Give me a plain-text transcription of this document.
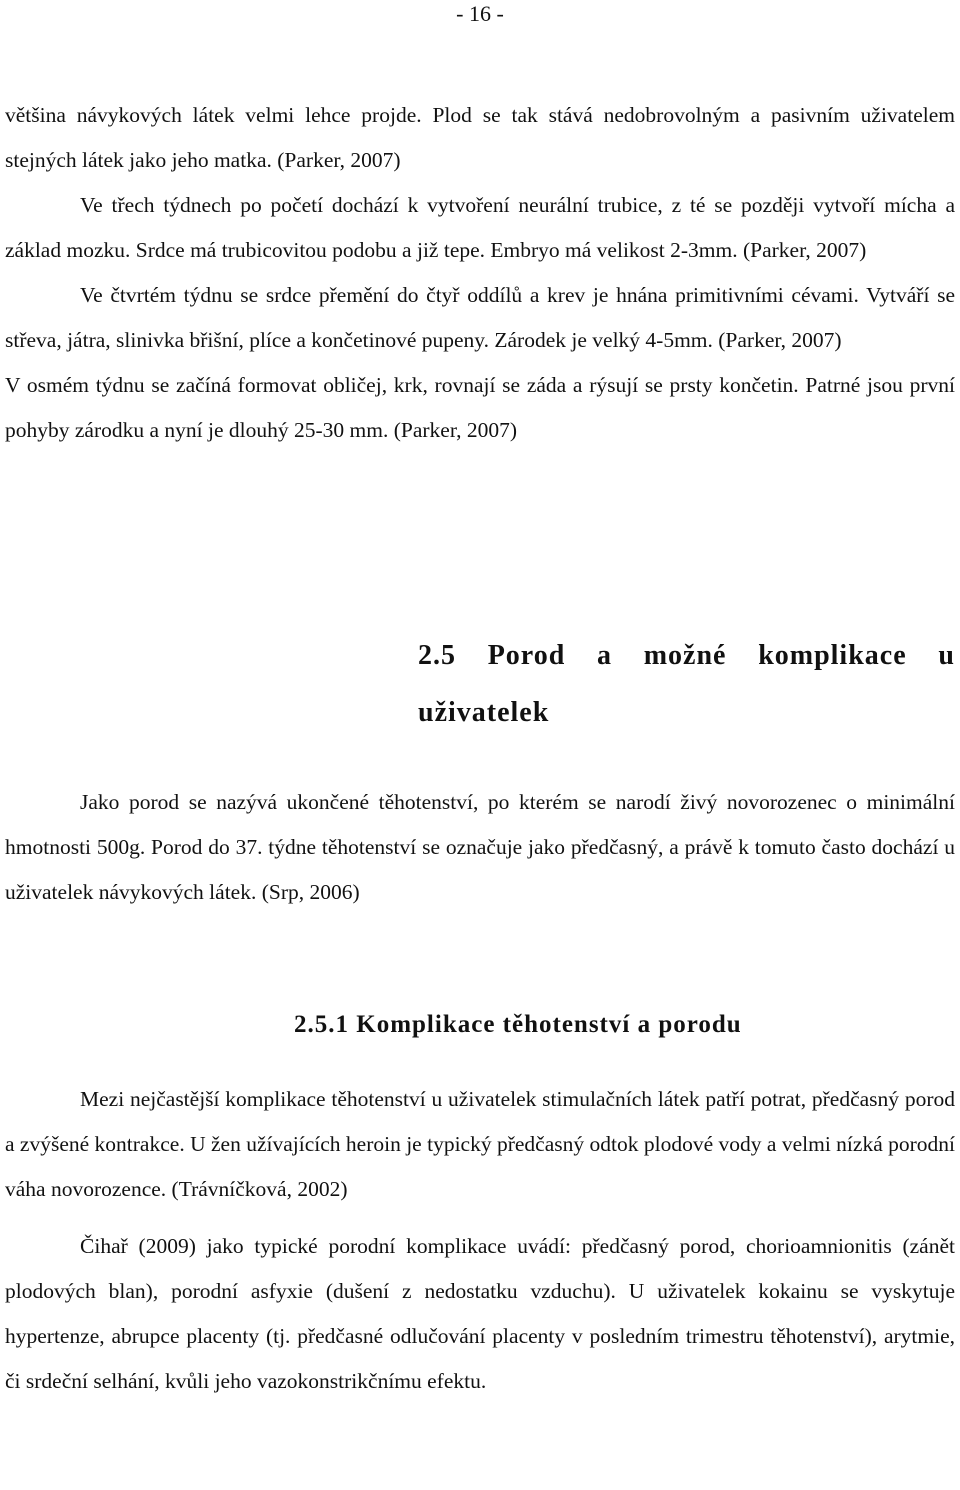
- 16 -

většina návykových látek velmi lehce projde. Plod se tak stává nedobrovolným a pasivním uživatelem stejných látek jako jeho matka. (Parker, 2007)

Ve třech týdnech po početí dochází k vytvoření neurální trubice, z té se později vytvoří mícha a základ mozku. Srdce má trubicovitou podobu a již tepe. Embryo má velikost 2-3mm. (Parker, 2007)

Ve čtvrtém týdnu se srdce přemění do čtyř oddílů a krev je hnána primitivními cévami. Vytváří se střeva, játra, slinivka břišní, plíce a končetinové pupeny. Zárodek je velký 4-5mm. (Parker, 2007)

V osmém týdnu se začíná formovat obličej, krk, rovnají se záda a rýsují se prsty končetin. Patrné jsou první pohyby zárodku a nyní je dlouhý 25-30 mm. (Parker, 2007)

2.5 Porod a možné komplikace u
uživatelek

Jako porod se nazývá ukončené těhotenství, po kterém se narodí živý novorozenec o minimální hmotnosti 500g. Porod do 37. týdne těhotenství se označuje jako předčasný, a právě k tomuto často dochází u uživatelek návykových látek. (Srp, 2006)

2.5.1 Komplikace těhotenství a porodu

Mezi nejčastější komplikace těhotenství u uživatelek stimulačních látek patří potrat, předčasný porod a zvýšené kontrakce. U žen užívajících heroin je typický předčasný odtok plodové vody a velmi nízká porodní váha novorozence. (Trávníčková, 2002)

Čihař (2009) jako typické porodní komplikace uvádí: předčasný porod, chorioamnionitis (zánět plodových blan), porodní asfyxie (dušení z nedostatku vzduchu). U uživatelek kokainu se vyskytuje hypertenze, abrupce placenty (tj. předčasné odlučování placenty v posledním trimestru těhotenství), arytmie, či srdeční selhání, kvůli jeho vazokonstrikčnímu efektu.
